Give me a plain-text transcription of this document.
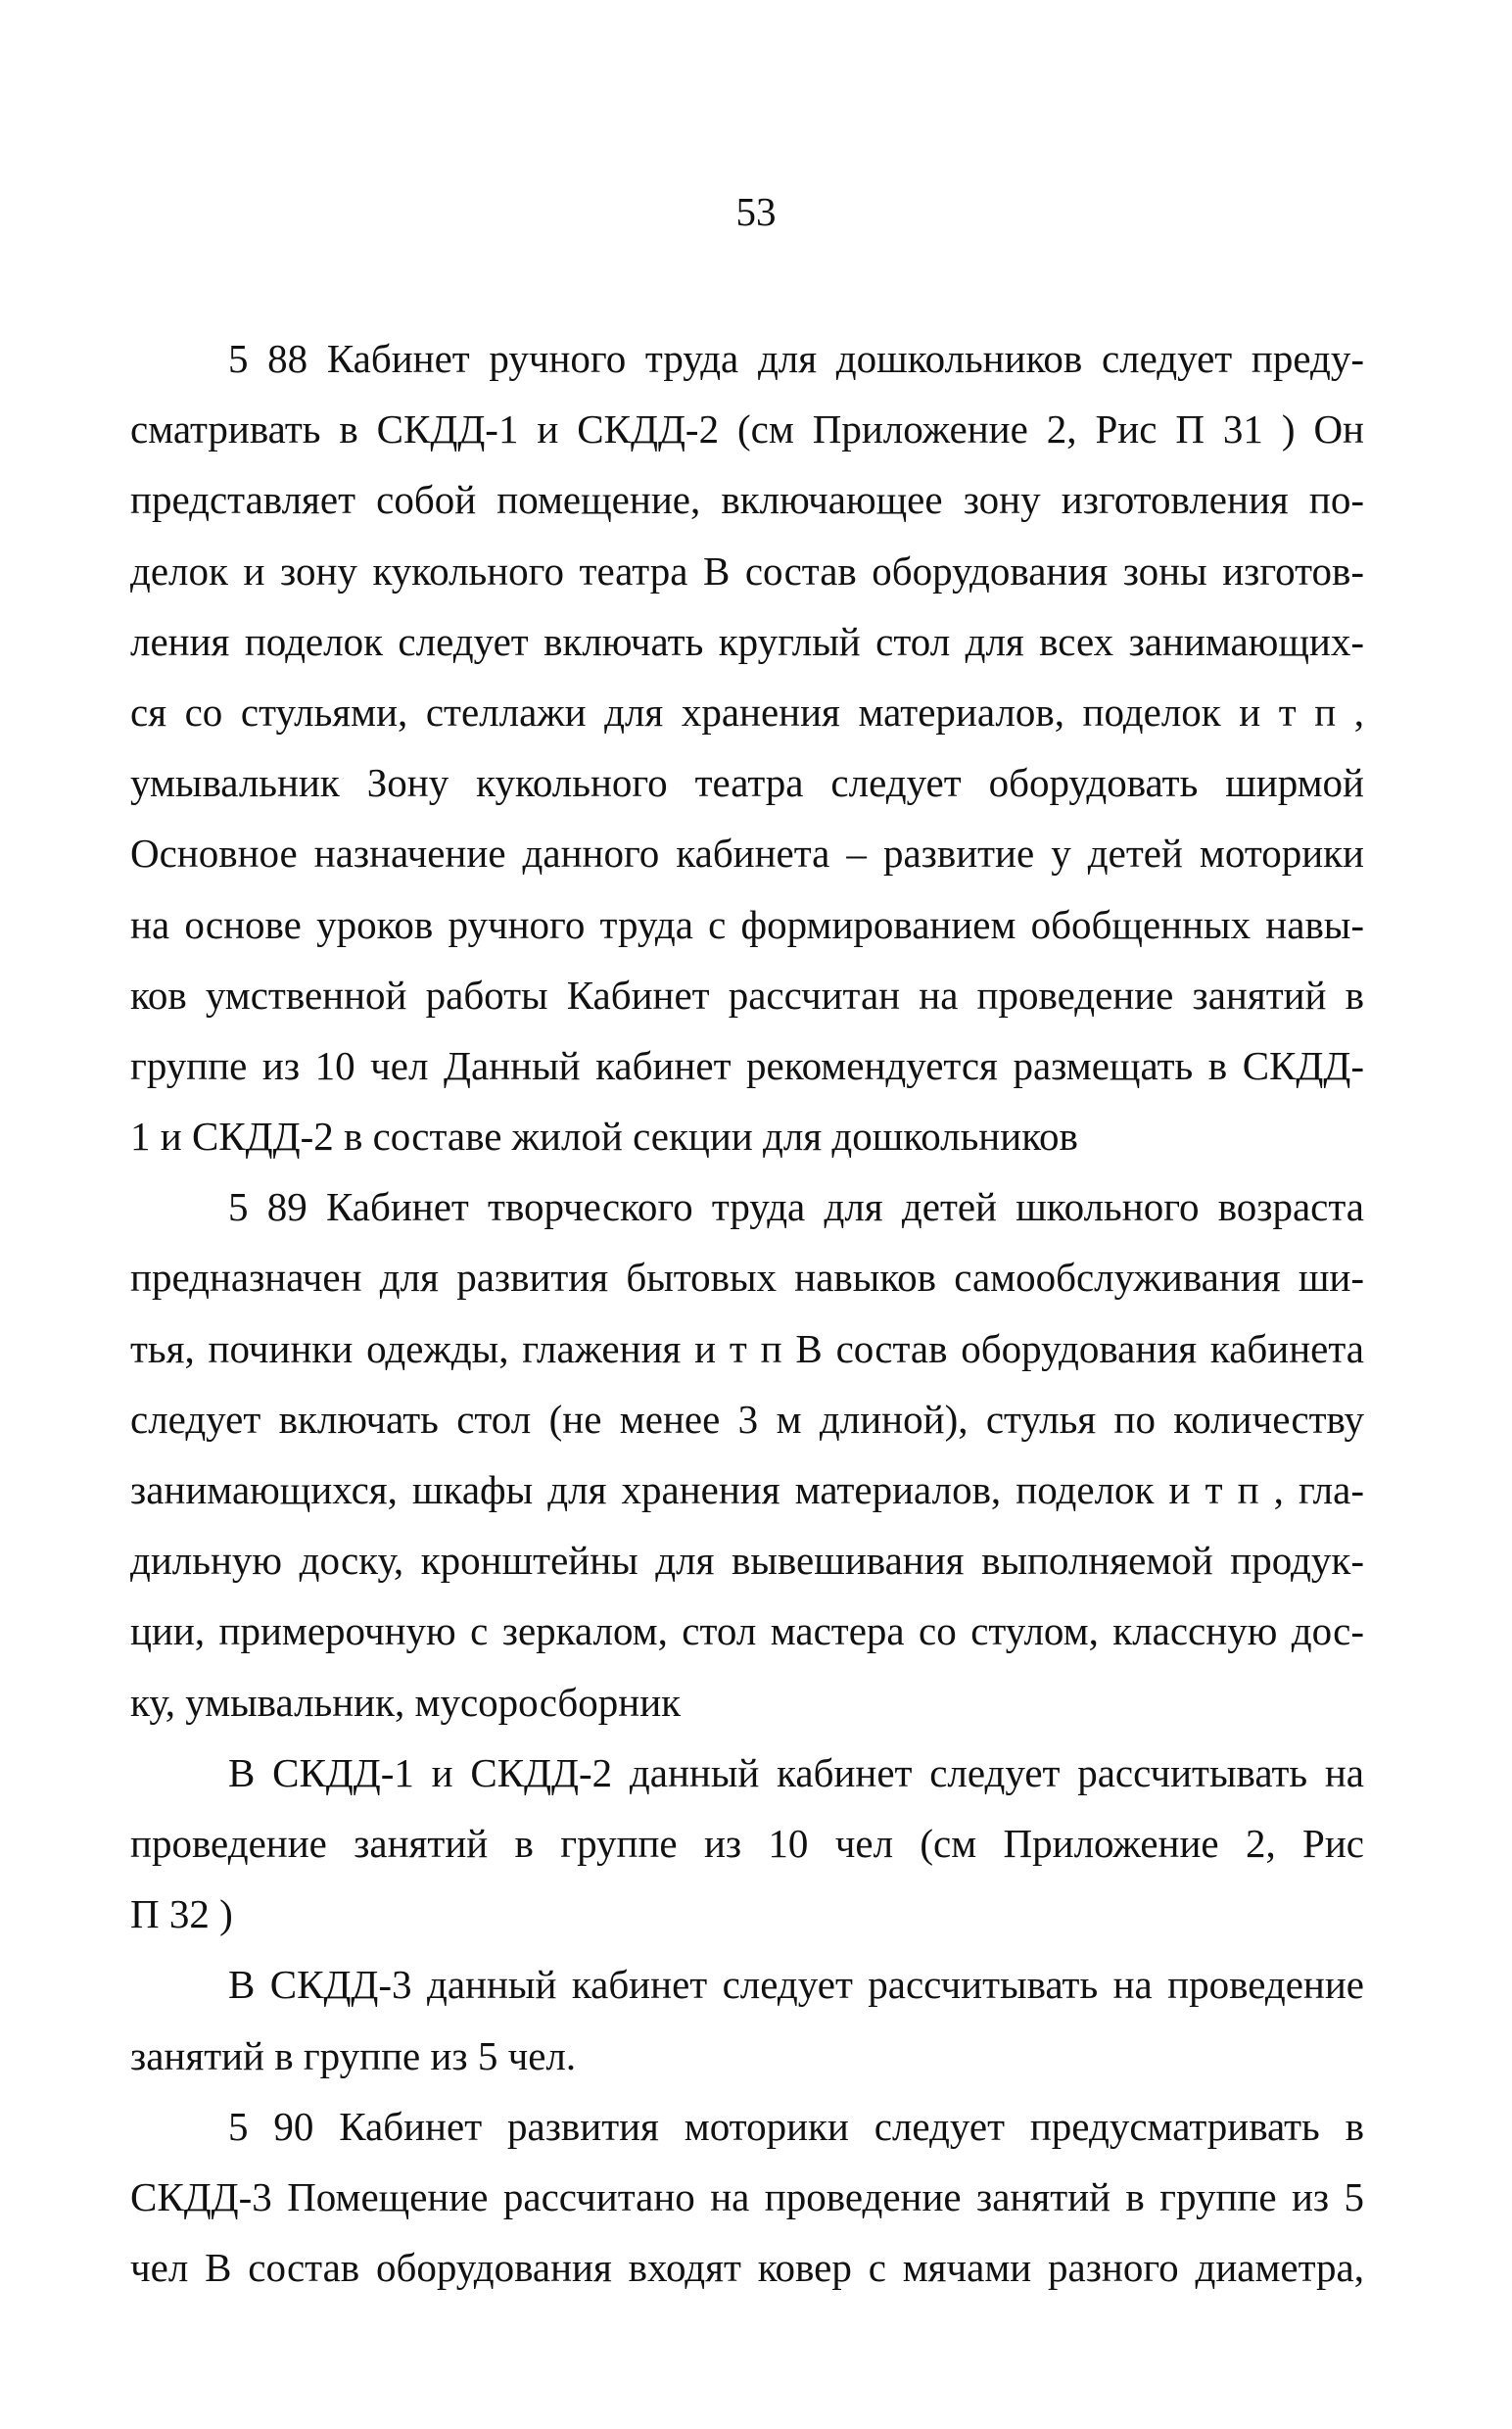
53
5 88 Кабинет ручного труда для дошкольников следует преду-
сматривать в СКДД-1 и СКДД-2 (см Приложение 2, Рис П 31 ) Он
представляет собой помещение, включающее зону изготовления по-
делок и зону кукольного театра В состав оборудования зоны изготов-
ления поделок следует включать круглый стол для всех занимающих-
ся со стульями, стеллажи для хранения материалов, поделок и т п ,
умывальник Зону кукольного театра следует оборудовать ширмой
Основное назначение данного кабинета – развитие у детей моторики
на основе уроков ручного труда с формированием обобщенных навы-
ков умственной работы Кабинет рассчитан на проведение занятий в
группе из 10 чел Данный кабинет рекомендуется размещать в СКДД-
1 и СКДД-2 в составе жилой секции для дошкольников
5 89 Кабинет творческого труда для детей школьного возраста
предназначен для развития бытовых навыков самообслуживания ши-
тья, починки одежды, глажения и т п В состав оборудования кабинета
следует включать стол (не менее 3 м длиной), стулья по количеству
занимающихся, шкафы для хранения материалов, поделок и т п , гла-
дильную доску, кронштейны для вывешивания выполняемой продук-
ции, примерочную с зеркалом, стол мастера со стулом, классную дос-
ку, умывальник, мусоросборник
В СКДД-1 и СКДД-2 данный кабинет следует рассчитывать на
проведение занятий в группе из 10 чел (см Приложение 2, Рис
П 32 )
В СКДД-3 данный кабинет следует рассчитывать на проведение
занятий в группе из 5 чел.
5 90 Кабинет развития моторики следует предусматривать в
СКДД-3 Помещение рассчитано на проведение занятий в группе из 5
чел В состав оборудования входят ковер с мячами разного диаметра,
